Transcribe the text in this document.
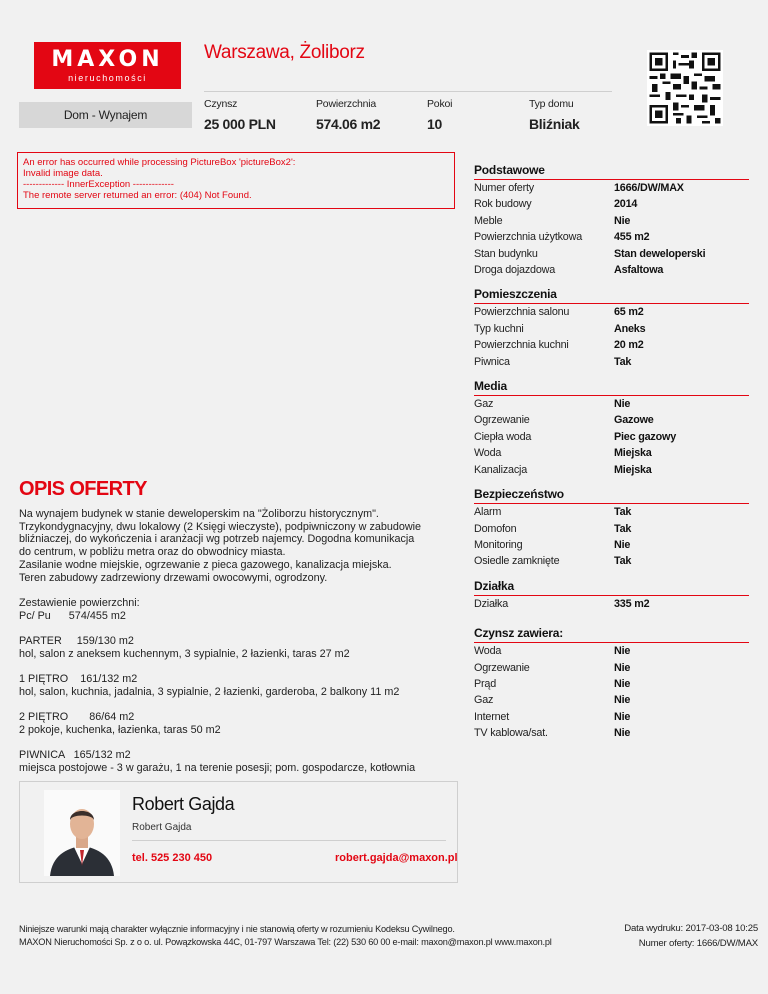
MAXON
nieruchomości
Warszawa, Żoliborz
Dom - Wynajem
Czynsz
25 000 PLN
Powierzchnia
574.06 m2
Pokoi
10
Typ domu
Bliźniak
An error has occurred while processing PictureBox 'pictureBox2':
Invalid image data.
------------- InnerException -------------
The remote server returned an error: (404) Not Found.
OPIS OFERTY

Na wynajem budynek w stanie deweloperskim na "Żoliborzu historycznym".
Trzykondygnacyjny, dwu lokalowy (2 Księgi wieczyste), podpiwniczony w zabudowie
bliźniaczej, do wykończenia i aranżacji wg potrzeb najemcy. Dogodna komunikacja
do centrum, w pobliżu metra oraz do obwodnicy miasta.
Zasilanie wodne miejskie, ogrzewanie z pieca gazowego, kanalizacja miejska.
Teren zabudowy zadrzewiony drzewami owocowymi, ogrodzony.

Zestawienie powierzchni:
Pc/ Pu      574/455 m2

PARTER     159/130 m2
hol, salon z aneksem kuchennym, 3 sypialnie, 2 łazienki, taras 27 m2

1 PIĘTRO    161/132 m2
hol, salon, kuchnia, jadalnia, 3 sypialnie, 2 łazienki, garderoba, 2 balkony 11 m2

2 PIĘTRO       86/64 m2
2 pokoje, kuchenka, łazienka, taras 50 m2

PIWNICA   165/132 m2
miejsca postojowe - 3 w garażu, 1 na terenie posesji; pom. gospodarcze, kotłownia

Podstawowe
Numer oferty	1666/DW/MAX
Rok budowy	2014
Meble	Nie
Powierzchnia użytkowa	455 m2
Stan budynku	Stan deweloperski
Droga dojazdowa	Asfaltowa
Pomieszczenia
Powierzchnia salonu	65 m2
Typ kuchni	Aneks
Powierzchnia kuchni	20 m2
Piwnica	Tak
Media
Gaz	Nie
Ogrzewanie	Gazowe
Ciepła woda	Piec gazowy
Woda	Miejska
Kanalizacja	Miejska
Bezpieczeństwo
Alarm	Tak
Domofon	Tak
Monitoring	Nie
Osiedle zamknięte	Tak
Działka
Działka	335 m2
Czynsz zawiera:
Woda	Nie
Ogrzewanie	Nie
Prąd	Nie
Gaz	Nie
Internet	Nie
TV kablowa/sat.	Nie
Robert Gajda
Robert Gajda
tel. 525 230 450	robert.gajda@maxon.pl
Niniejsze warunki mają charakter wyłącznie informacyjny i nie stanowią oferty w rozumieniu Kodeksu Cywilnego.
MAXON Nieruchomości Sp. z o o. ul. Powązkowska 44C, 01-797 Warszawa Tel: (22) 530 60 00 e-mail: maxon@maxon.pl www.maxon.pl
Data wydruku: 2017-03-08 10:25
Numer oferty: 1666/DW/MAX
